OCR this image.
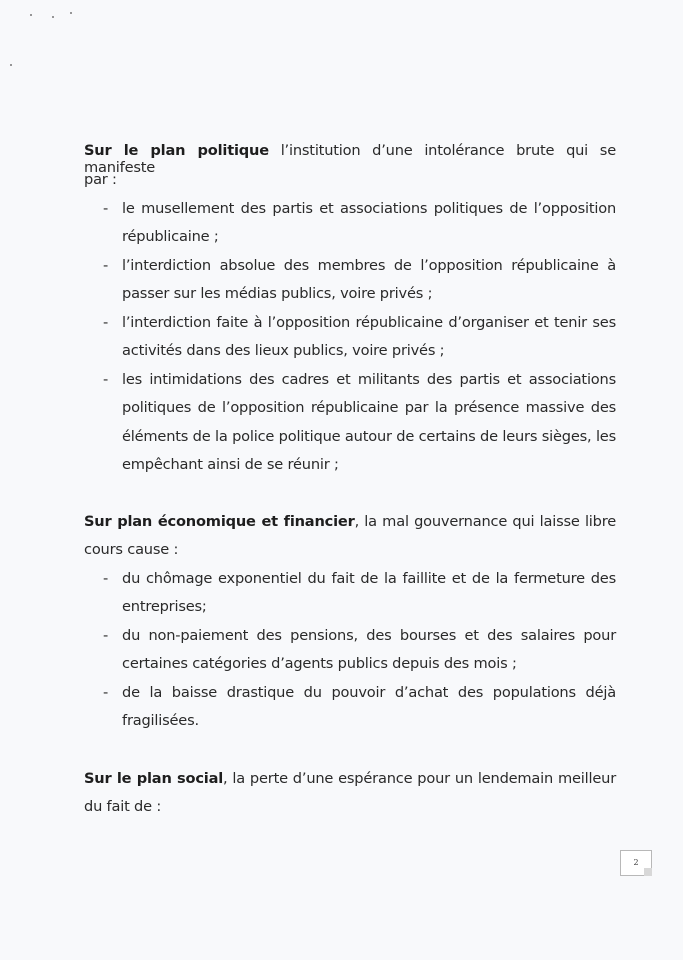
Sur le plan politique l’institution d’une intolérance brute qui se manifeste
par :
- le musellement des partis et associations politiques de l’opposition
républicaine ;
- l’interdiction absolue des membres de l’opposition républicaine à
passer sur les médias publics, voire privés ;
- l’interdiction faite à l’opposition républicaine d’organiser et tenir ses
activités dans des lieux publics, voire privés ;
- les intimidations des cadres et militants des partis et associations
politiques de l’opposition républicaine par la présence massive des
éléments de la police politique autour de certains de leurs sièges, les
empêchant ainsi de se réunir ;
Sur plan économique et financier, la mal gouvernance qui laisse libre
cours cause :
- du chômage exponentiel du fait de la faillite et de la fermeture des
entreprises;
- du non-paiement des pensions, des bourses et des salaires pour
certaines catégories d’agents publics depuis des mois ;
- de la baisse drastique du pouvoir d’achat des populations déjà
fragilisées.
Sur le plan social, la perte d’une espérance pour un lendemain meilleur
du fait de :
2
